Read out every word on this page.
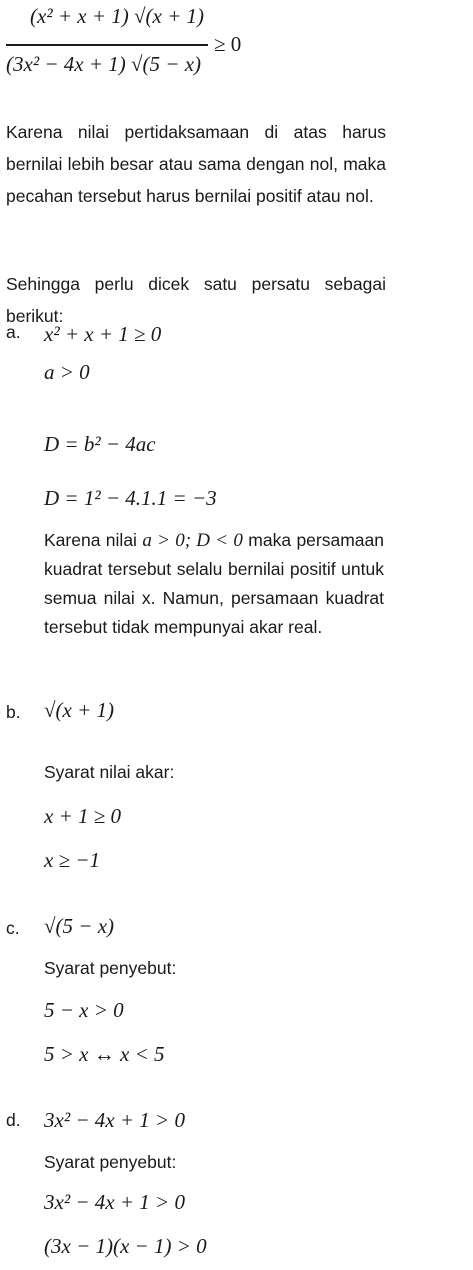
(x² + x + 1) √(x + 1)
(3x² − 4x + 1) √(5 − x)
≥ 0
Karena nilai pertidaksamaan di atas harus bernilai lebih besar atau sama dengan nol, maka pecahan tersebut harus bernilai positif atau nol.
Sehingga perlu dicek satu persatu sebagai berikut:
a. x² + x + 1 ≥ 0
a > 0
D = b² − 4ac
D = 1² − 4.1.1 = −3
Karena nilai a > 0; D < 0 maka persamaan kuadrat tersebut selalu bernilai positif untuk semua nilai x. Namun, persamaan kuadrat tersebut tidak mempunyai akar real.
b. √(x + 1)
Syarat nilai akar:
x + 1 ≥ 0
x ≥ −1
c. √(5 − x)
Syarat penyebut:
5 − x > 0
5 > x ↔ x < 5
d. 3x² − 4x + 1 > 0
Syarat penyebut:
3x² − 4x + 1 > 0
(3x − 1)(x − 1) > 0
